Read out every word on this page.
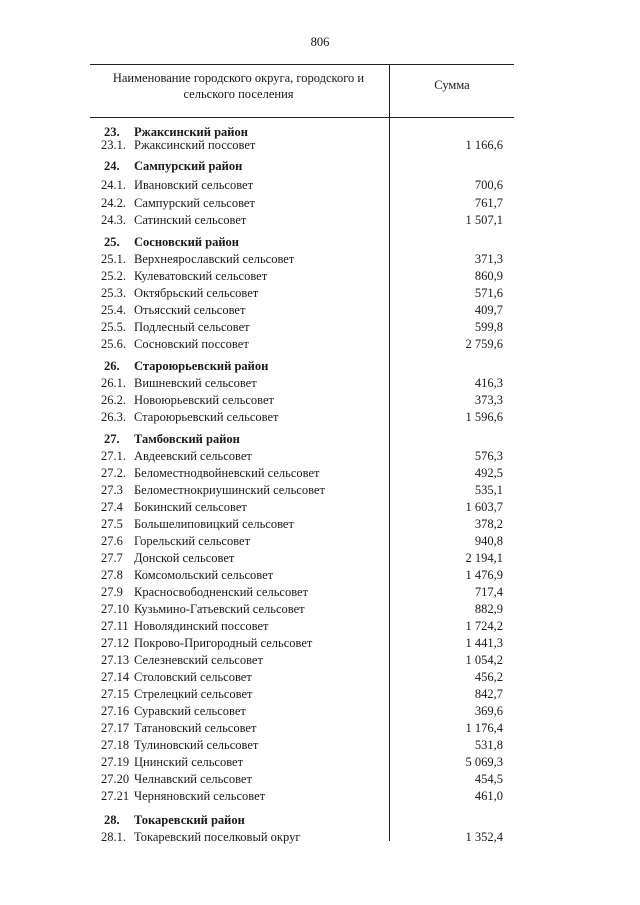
806
Наименование городского округа, городского и сельского поселения
Сумма
23. Ржаксинский район
23.1. Ржаксинский поссовет	1 166,6
24. Сампурский район
24.1. Ивановский сельсовет	700,6
24.2. Сампурский сельсовет	761,7
24.3. Сатинский сельсовет	1 507,1
25. Сосновский район
25.1. Верхнеярославский сельсовет	371,3
25.2. Кулеватовский сельсовет	860,9
25.3. Октябрьский сельсовет	571,6
25.4. Отьясский сельсовет	409,7
25.5. Подлесный сельсовет	599,8
25.6. Сосновский поссовет	2 759,6
26. Староюрьевский район
26.1. Вишневский сельсовет	416,3
26.2. Новоюрьевский сельсовет	373,3
26.3. Староюрьевский сельсовет	1 596,6
27. Тамбовский район
27.1. Авдеевский сельсовет	576,3
27.2. Беломестнодвойневский сельсовет	492,5
27.3 Беломестнокриушинский сельсовет	535,1
27.4 Бокинский сельсовет	1 603,7
27.5 Большелиповицкий сельсовет	378,2
27.6 Горельский сельсовет	940,8
27.7 Донской сельсовет	2 194,1
27.8 Комсомольский сельсовет	1 476,9
27.9 Красносвободненский сельсовет	717,4
27.10 Кузьмино-Гатьевский сельсовет	882,9
27.11 Новолядинский поссовет	1 724,2
27.12 Покрово-Пригородный сельсовет	1 441,3
27.13 Селезневский сельсовет	1 054,2
27.14 Столовский сельсовет	456,2
27.15 Стрелецкий сельсовет	842,7
27.16 Суравский сельсовет	369,6
27.17 Татановский сельсовет	1 176,4
27.18 Тулиновский сельсовет	531,8
27.19 Цнинский сельсовет	5 069,3
27.20 Челнавский сельсовет	454,5
27.21 Черняновский сельсовет	461,0
28. Токаревский район
28.1. Токаревский поселковый округ	1 352,4
